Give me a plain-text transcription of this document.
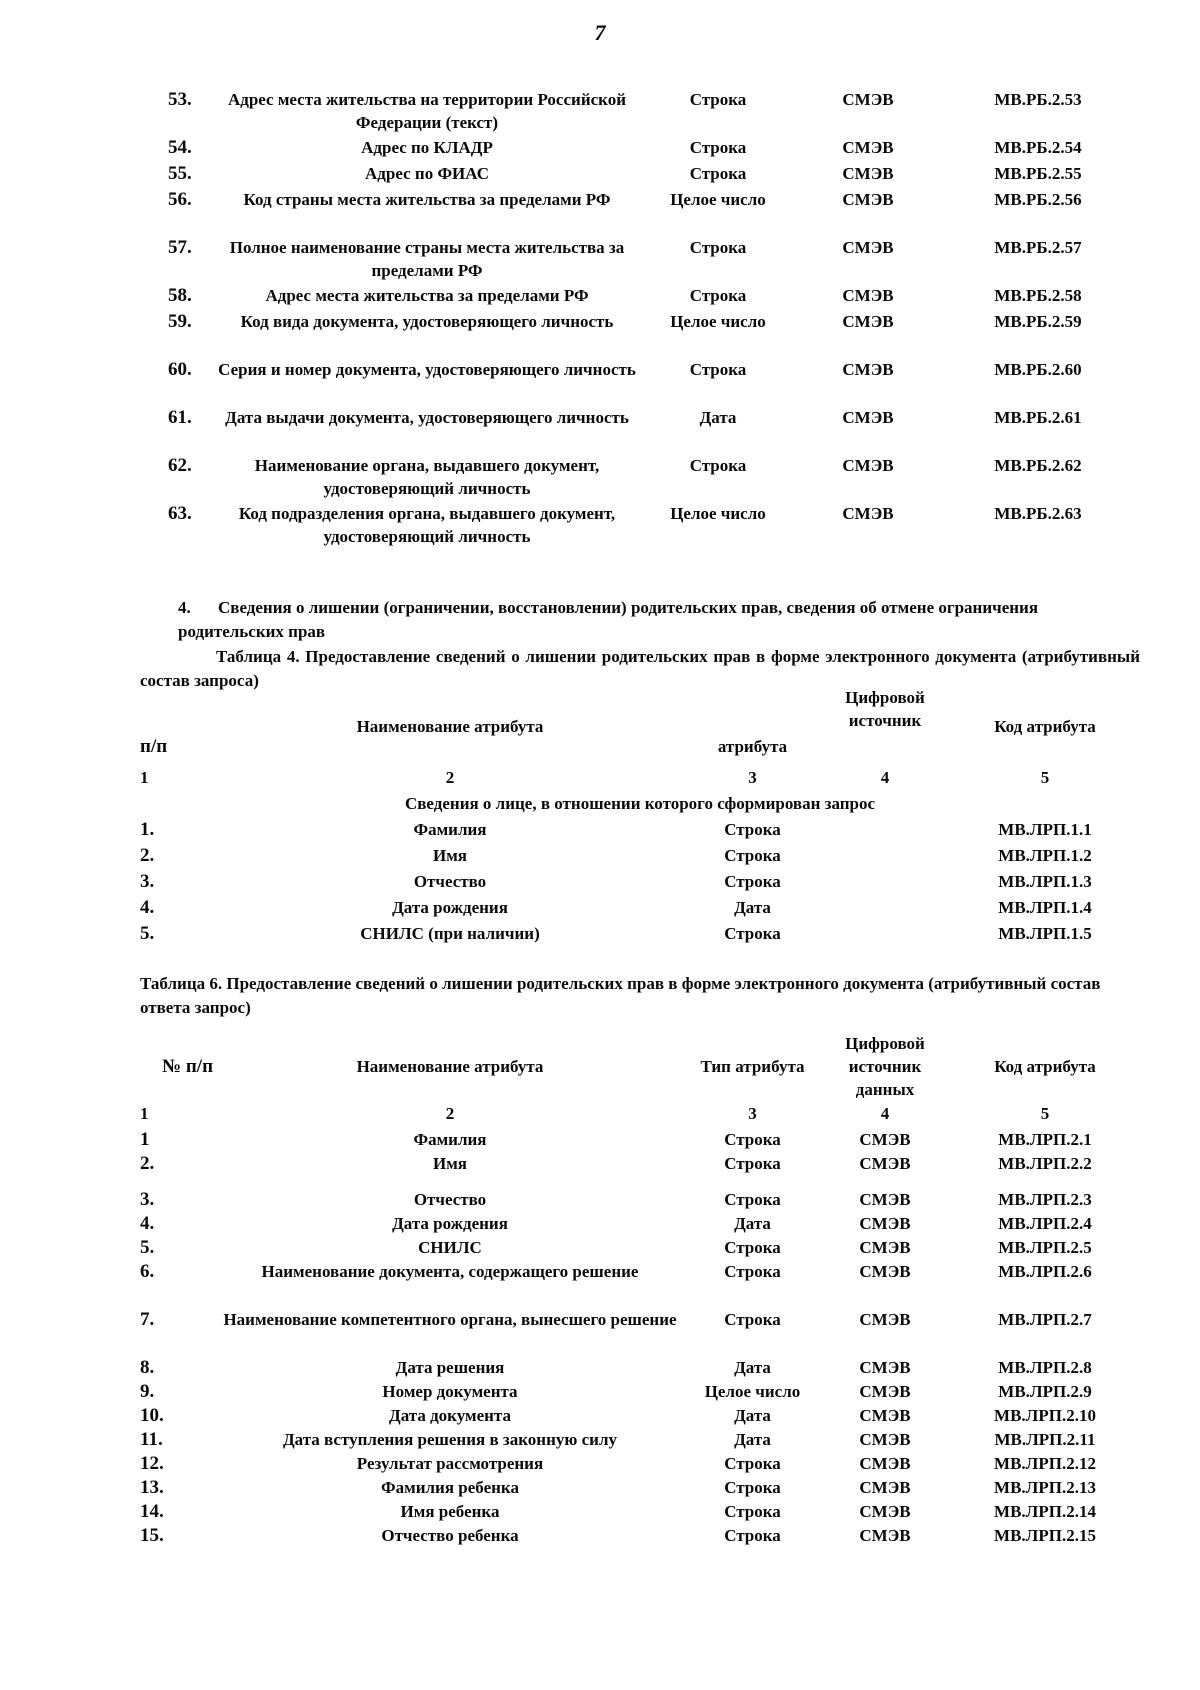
7
53.	Адрес места жительства на территории Российской Федерации (текст)	Строка	СМЭВ	МВ.РБ.2.53
54.	Адрес по КЛАДР	Строка	СМЭВ	МВ.РБ.2.54
55.	Адрес по ФИАС	Строка	СМЭВ	МВ.РБ.2.55
56.	Код страны места жительства за пределами РФ	Целое число	СМЭВ	МВ.РБ.2.56
57.	Полное наименование страны места жительства за пределами РФ	Строка	СМЭВ	МВ.РБ.2.57
58.	Адрес места жительства за пределами РФ	Строка	СМЭВ	МВ.РБ.2.58
59.	Код вида документа, удостоверяющего личность	Целое число	СМЭВ	МВ.РБ.2.59
60.	Серия и номер документа, удостоверяющего личность	Строка	СМЭВ	МВ.РБ.2.60
61.	Дата выдачи документа, удостоверяющего личность	Дата	СМЭВ	МВ.РБ.2.61
62.	Наименование органа, выдавшего документ, удостоверяющий личность	Строка	СМЭВ	МВ.РБ.2.62
63.	Код подразделения органа, выдавшего документ, удостоверяющий личность	Целое число	СМЭВ	МВ.РБ.2.63
4. Сведения о лишении (ограничении, восстановлении) родительских прав, сведения об отмене ограничения родительских прав
Таблица 4. Предоставление сведений о лишении родительских прав в форме электронного документа (атрибутивный состав запроса)
п/п	Наименование атрибута	атрибута	Цифровой источник	Код атрибута
1	2	3	4	5
Сведения о лице, в отношении которого сформирован запрос				
1.	Фамилия	Строка		МВ.ЛРП.1.1
2.	Имя	Строка		МВ.ЛРП.1.2
3.	Отчество	Строка		МВ.ЛРП.1.3
4.	Дата рождения	Дата		МВ.ЛРП.1.4
5.	СНИЛС (при наличии)	Строка		МВ.ЛРП.1.5
Таблица 6. Предоставление сведений о лишении родительских прав в форме электронного документа (атрибутивный состав ответа запрос)
№ п/п	Наименование атрибута	Тип атрибута	Цифровой источник данных	Код атрибута
1	2	3	4	5
1	Фамилия	Строка	СМЭВ	МВ.ЛРП.2.1
2.	Имя	Строка	СМЭВ	МВ.ЛРП.2.2
3.	Отчество	Строка	СМЭВ	МВ.ЛРП.2.3
4.	Дата рождения	Дата	СМЭВ	МВ.ЛРП.2.4
5.	СНИЛС	Строка	СМЭВ	МВ.ЛРП.2.5
6.	Наименование документа, содержащего решение	Строка	СМЭВ	МВ.ЛРП.2.6
7.	Наименование компетентного органа, вынесшего решение	Строка	СМЭВ	МВ.ЛРП.2.7
8.	Дата решения	Дата	СМЭВ	МВ.ЛРП.2.8
9.	Номер документа	Целое число	СМЭВ	МВ.ЛРП.2.9
10.	Дата документа	Дата	СМЭВ	МВ.ЛРП.2.10
11.	Дата вступления решения в законную силу	Дата	СМЭВ	МВ.ЛРП.2.11
12.	Результат рассмотрения	Строка	СМЭВ	МВ.ЛРП.2.12
13.	Фамилия ребенка	Строка	СМЭВ	МВ.ЛРП.2.13
14.	Имя ребенка	Строка	СМЭВ	МВ.ЛРП.2.14
15.	Отчество ребенка	Строка	СМЭВ	МВ.ЛРП.2.15
